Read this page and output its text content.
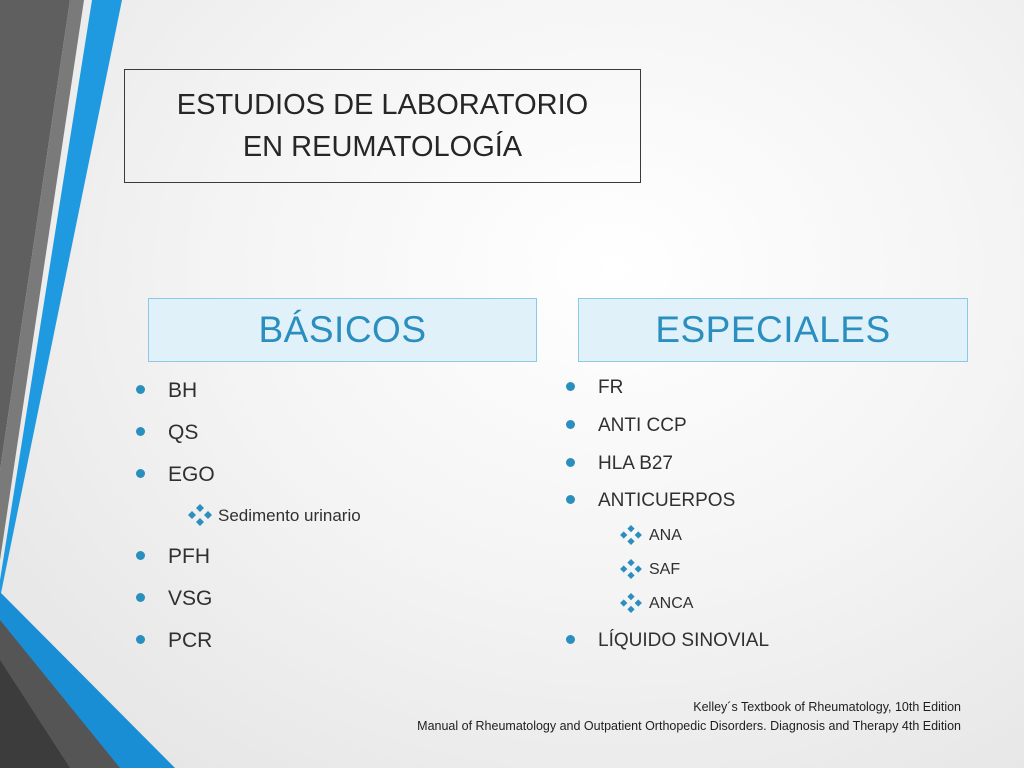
ESTUDIOS DE LABORATORIO
EN REUMATOLOGÍA
BÁSICOS	ESPECIALES
BH
QS
EGO
Sedimento urinario
PFH
VSG
PCR
FR
ANTI CCP
HLA B27
ANTICUERPOS
ANA
SAF
ANCA
LÍQUIDO SINOVIAL
Kelley´s Textbook of Rheumatology, 10th Edition
Manual of Rheumatology and Outpatient Orthopedic Disorders. Diagnosis and Therapy 4th Edition
